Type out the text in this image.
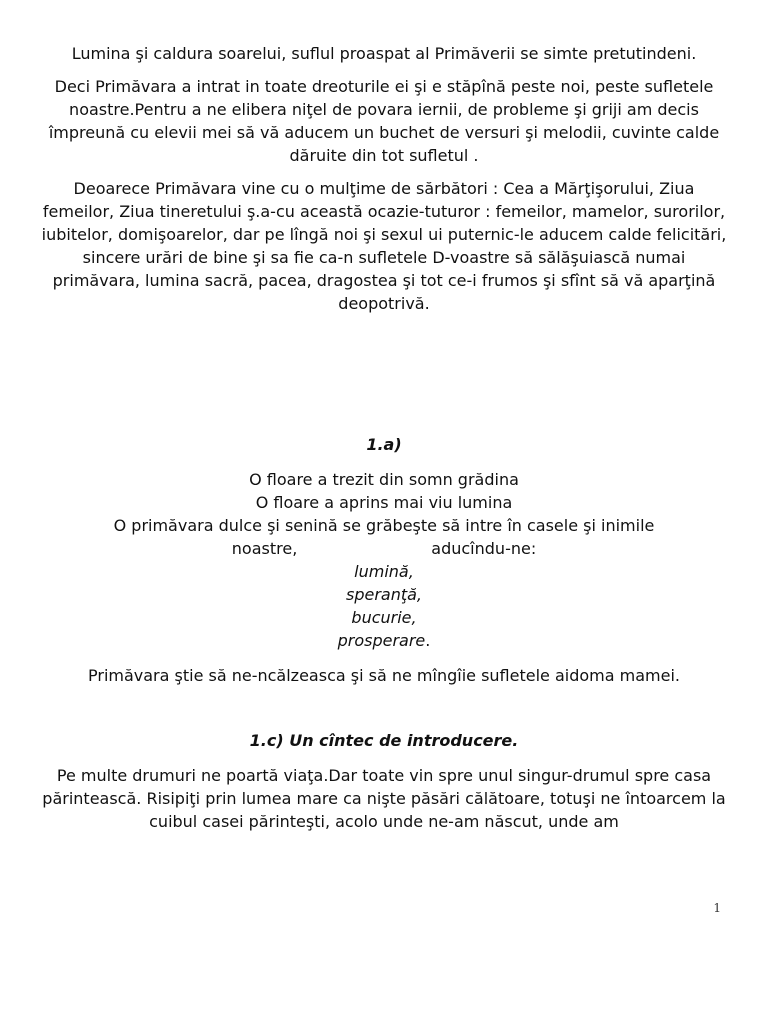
Lumina şi caldura soarelui, suflul proaspat al Primăverii se simte pretutindeni.

Deci Primăvara a intrat in toate dreoturile ei şi e stăpînă peste noi, peste sufletele noastre.Pentru a ne elibera niţel de povara iernii, de probleme şi griji am decis împreună cu elevii mei să vă aducem un buchet de versuri şi melodii, cuvinte calde dăruite din tot sufletul .

Deoarece Primăvara vine cu o mulţime de sărbători : Cea a Mărţişorului, Ziua femeilor, Ziua tineretului ş.a-cu această ocazie-tuturor : femeilor, mamelor, surorilor, iubitelor, domişoarelor, dar pe lîngă noi şi sexul ui puternic-le aducem calde felicitări, sincere urări de bine şi sa fie ca-n sufletele D-voastre să sălăşuiască numai primăvara, lumina sacră, pacea, dragostea şi tot ce-i frumos şi sfînt să vă aparţină deopotrivă.

1.a)

O floare a trezit din somn grădina

O floare a aprins mai viu lumina

O primăvara dulce şi senină se grăbeşte să intre în casele şi inimile

noastre,	aducîndu-ne:

lumină,

speranţă,

bucurie,

prosperare.

Primăvara ştie să ne-ncălzeasca şi să ne mîngîie sufletele aidoma mamei.

1.c) Un cîntec de introducere.

Pe multe drumuri ne poartă viaţa.Dar toate vin spre unul singur-drumul spre casa părintească. Risipiţi prin lumea mare ca nişte păsări călătoare, totuşi ne întoarcem la cuibul casei părinteşti, acolo unde ne-am născut, unde am

1
